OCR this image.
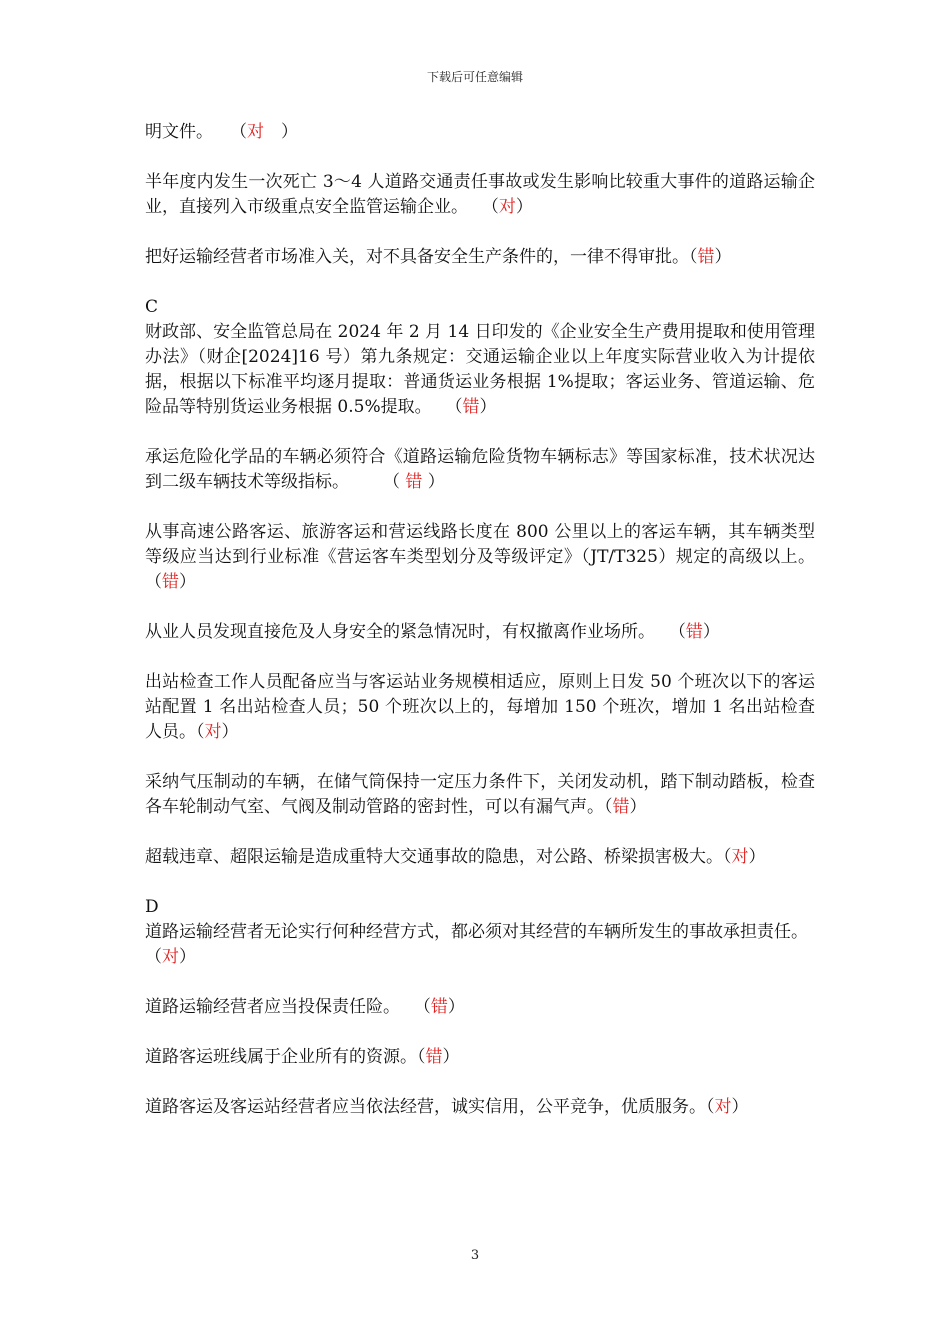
下载后可任意编辑
明文件。　　 （对　）
半年度内发生一次死亡 3～4 人道路交通责任事故或发生影响比较重大事件的道路运输企业，直接列入市级重点安全监管运输企业。　 （对）
把好运输经营者市场准入关，对不具备安全生产条件的，一律不得审批。（错）
C
财政部、安全监管总局在 2024 年 2 月 14 日印发的《企业安全生产费用提取和使用管理办法》（财企[2024]16 号）第九条规定：交通运输企业以上年度实际营业收入为计提依据，根据以下标准平均逐月提取：普通货运业务根据 1%提取；客运业务、管道运输、危险品等特别货运业务根据 0.5%提取。　 （错）
承运危险化学品的车辆必须符合《道路运输危险货物车辆标志》等国家标准，技术状况达到二级车辆技术等级指标。　　　	（ 错 ）
从事高速公路客运、旅游客运和营运线路长度在 800 公里以上的客运车辆，其车辆类型等级应当达到行业标准《营运客车类型划分及等级评定》（JT/T325）规定的高级以上。（错）
从业人员发现直接危及人身安全的紧急情况时，有权撤离作业场所。　 （错）
出站检查工作人员配备应当与客运站业务规模相适应，原则上日发 50 个班次以下的客运站配置 1 名出站检查人员；50 个班次以上的，每增加 150 个班次，增加 1 名出站检查人员。（对）
采纳气压制动的车辆，在储气筒保持一定压力条件下，关闭发动机，踏下制动踏板，检查各车轮制动气室、气阀及制动管路的密封性，可以有漏气声。（错）
超载违章、超限运输是造成重特大交通事故的隐患，对公路、桥梁损害极大。（对）
D
道路运输经营者无论实行何种经营方式，都必须对其经营的车辆所发生的事故承担责任。　　 （对）
道路运输经营者应当投保责任险。　 （错）
道路客运班线属于企业所有的资源。（错）
道路客运及客运站经营者应当依法经营，诚实信用，公平竞争，优质服务。（对）
3
